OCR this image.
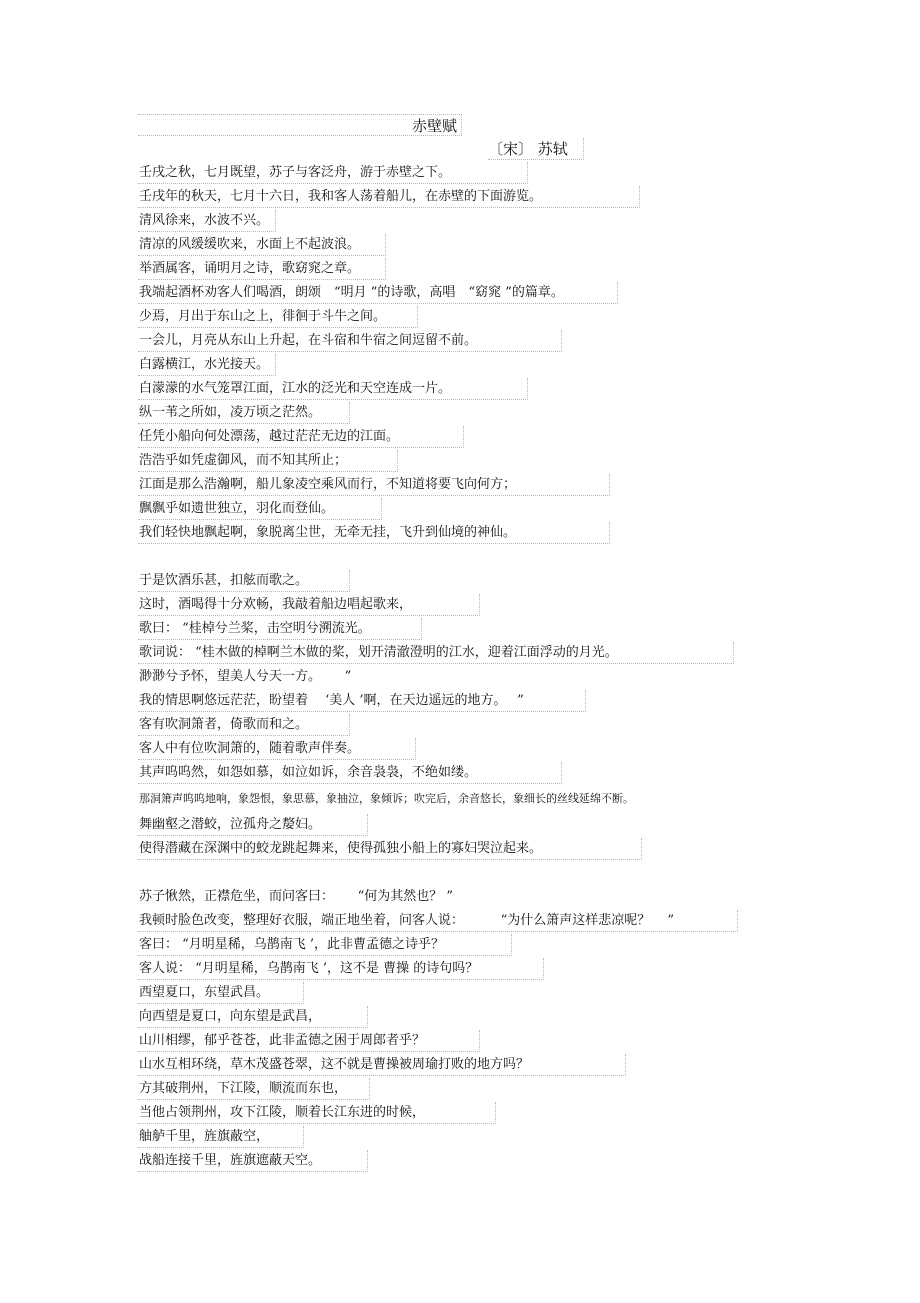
赤壁赋
〔宋〕 苏轼
壬戌之秋，七月既望，苏子与客泛舟，游于赤壁之下。
壬戌年的秋天，七月十六日，我和客人荡着船儿，在赤壁的下面游览。
清风徐来，水波不兴。
清凉的风缓缓吹来，水面上不起波浪。
举酒属客，诵明月之诗，歌窈窕之章。
我端起酒杯劝客人们喝酒，朗颂　“明月 ”的诗歌，高唱　“窈窕 ”的篇章。
少焉，月出于东山之上，徘徊于斗牛之间。
一会儿，月亮从东山上升起，在斗宿和牛宿之间逗留不前。
白露横江，水光接天。
白濛濛的水气笼罩江面，江水的泛光和天空连成一片。
纵一苇之所如，凌万顷之茫然。
任凭小船向何处漂荡，越过茫茫无边的江面。
浩浩乎如凭虚御风，而不知其所止；
江面是那么浩瀚啊，船儿象凌空乘风而行，不知道将要飞向何方；
飘飘乎如遗世独立，羽化而登仙。
我们轻快地飘起啊，象脱离尘世，无牵无挂，飞升到仙境的神仙。
于是饮酒乐甚，扣舷而歌之。
这时，酒喝得十分欢畅，我敲着船边唱起歌来，
歌曰： “桂棹兮兰桨，击空明兮溯流光。
歌词说： “桂木做的棹啊兰木做的桨，划开清澈澄明的江水，迎着江面浮动的月光。
渺渺兮予怀，望美人兮天一方。　　 ”
我的情思啊悠远茫茫，盼望着　 ‘美人 ’啊，在天边遥远的地方。　 ”
客有吹洞箫者，倚歌而和之。
客人中有位吹洞箫的，随着歌声伴奏。
其声呜呜然，如怨如慕，如泣如诉，余音袅袅，不绝如缕。
那洞箫声呜呜地响，象怨恨，象思慕，象抽泣，象倾诉；吹完后，余音悠长，象细长的丝线延绵不断。
舞幽壑之潜蛟，泣孤舟之嫠妇。
使得潜藏在深渊中的蛟龙跳起舞来，使得孤独小船上的寡妇哭泣起来。
苏子愀然，正襟危坐，而问客曰：　　 “何为其然也？ ”
我顿时脸色改变，整理好衣服，端正地坐着，问客人说：　　　 “为什么箫声这样悲凉呢？　 ”
客曰： “月明星稀，乌鹊南飞 ’，此非曹孟德之诗乎？
客人说： “月明星稀，乌鹊南飞 ’，这不是 曹操 的诗句吗？
西望夏口，东望武昌。
向西望是夏口，向东望是武昌，
山川相缪，郁乎苍苍，此非孟德之困于周郎者乎？
山水互相环绕，草木茂盛苍翠，这不就是曹操被周瑜打败的地方吗？
方其破荆州，下江陵，顺流而东也，
当他占领荆州，攻下江陵，顺着长江东进的时候，
舳舻千里，旌旗蔽空，
战船连接千里，旌旗遮蔽天空。
